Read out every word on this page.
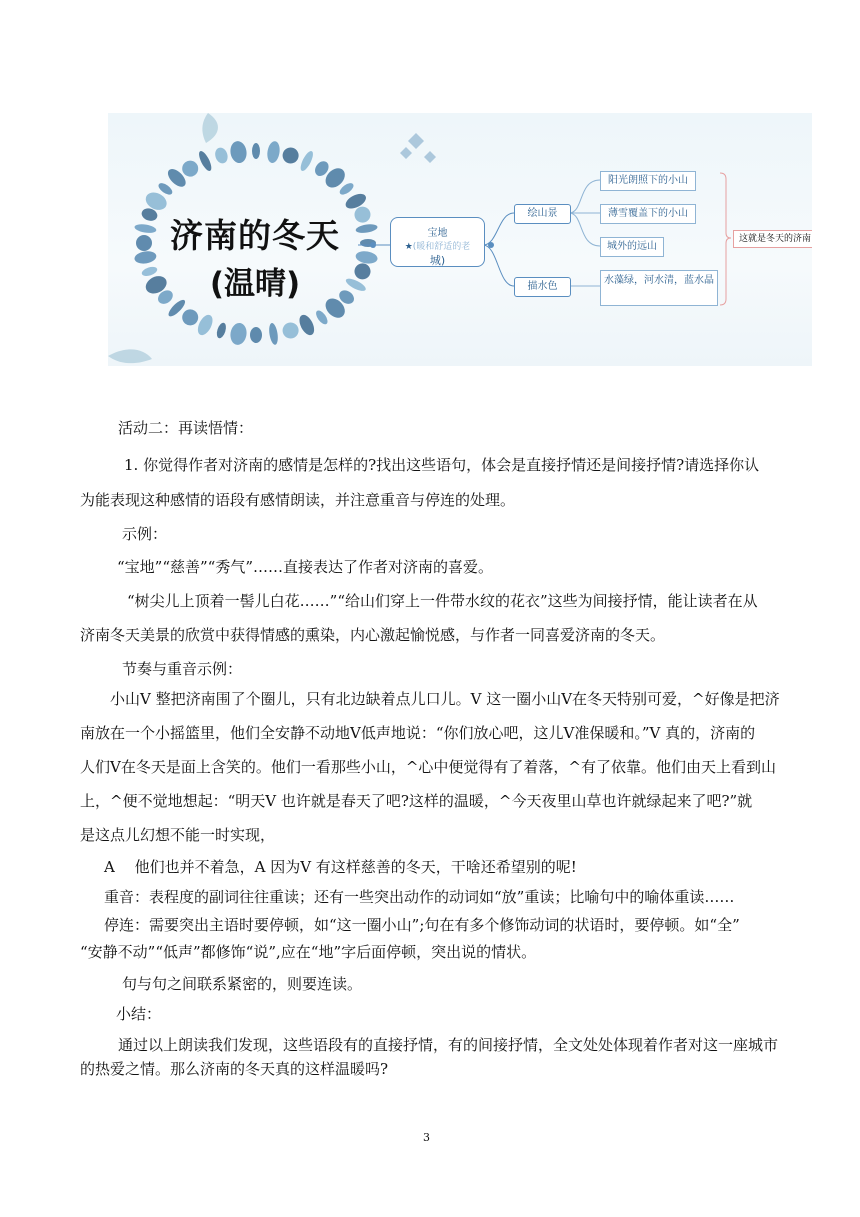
济南的冬天
(温晴)
宝地
★(暖和舒适的老
城)
绘山景
描水色
阳光朗照下的小山
薄雪覆盖下的小山
城外的远山
水藻绿，河水清，蓝水晶
这就是冬天的济南
活动二：再读悟情：
1. 你觉得作者对济南的感情是怎样的?找出这些语句，体会是直接抒情还是间接抒情?请选择你认
为能表现这种感情的语段有感情朗读，并注意重音与停连的处理。
示例：
“宝地”“慈善”“秀气”……直接表达了作者对济南的喜爱。
“树尖儿上顶着一髻儿白花……”“给山们穿上一件带水纹的花衣”这些为间接抒情，能让读者在从
济南冬天美景的欣赏中获得情感的熏染，内心激起愉悦感，与作者一同喜爱济南的冬天。
节奏与重音示例：
小山V 整把济南围了个圈儿，只有北边缺着点儿口儿。V 这一圈小山V在冬天特别可爱，^好像是把济
南放在一个小摇篮里，他们全安静不动地V低声地说：“你们放心吧，这儿V准保暖和。”V 真的，济南的
人们V在冬天是面上含笑的。他们一看那些小山，^心中便觉得有了着落，^有了依靠。他们由天上看到山
上，^便不觉地想起：“明天V 也许就是春天了吧?这样的温暖，^今天夜里山草也许就绿起来了吧?”就
是这点儿幻想不能一时实现，
A　 他们也并不着急，A 因为V 有这样慈善的冬天，干啥还希望别的呢!
重音：表程度的副词往往重读；还有一些突出动作的动词如“放”重读；比喻句中的喻体重读……
停连：需要突出主语时要停顿，如“这一圈小山”;句在有多个修饰动词的状语时，要停顿。如“全”
“安静不动”“低声”都修饰“说”,应在“地”字后面停顿，突出说的情状。
句与句之间联系紧密的，则要连读。
小结：
通过以上朗读我们发现，这些语段有的直接抒情，有的间接抒情，全文处处体现着作者对这一座城市
的热爱之情。那么济南的冬天真的这样温暖吗?
3
